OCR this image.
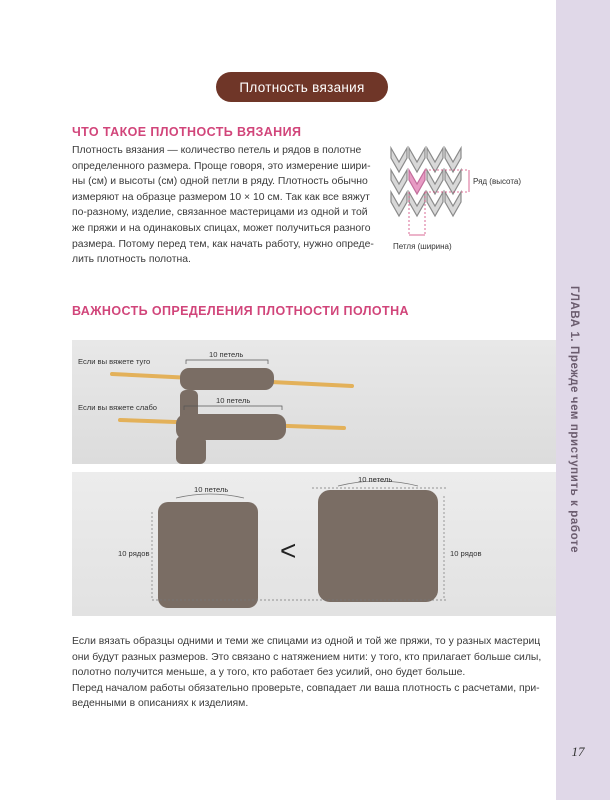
Плотность вязания
ЧТО ТАКОЕ ПЛОТНОСТЬ ВЯЗАНИЯ
Плотность вязания — количество петель и рядов в полотне
определенного размера. Проще говоря, это измерение шири-
ны (см) и высоты (см) одной петли в ряду. Плотность обычно
измеряют на образце размером 10 × 10 см. Так как все вяжут
по-разному, изделие, связанное мастерицами из одной и той
же пряжи и на одинаковых спицах, может получиться разного
размера. Потому перед тем, как начать работу, нужно опреде-
лить плотность полотна.
Ряд (высота)
Петля (ширина)
ВАЖНОСТЬ ОПРЕДЕЛЕНИЯ ПЛОТНОСТИ ПОЛОТНА
Если вы вяжете туго
Если вы вяжете слабо
10 петель
10 петель
10 петель
10 петель
10 рядов	10 рядов
<
Если вязать образцы одними и теми же спицами из одной и той же пряжи, то у разных мастериц
они будут разных размеров. Это связано с натяжением нити: у того, кто прилагает больше силы,
полотно получится меньше, а у того, кто работает без усилий, оно будет больше.
Перед началом работы обязательно проверьте, совпадает ли ваша плотность с расчетами, при-
веденными в описаниях к изделиям.
ГЛАВА 1. Прежде чем приступить к работе
17
